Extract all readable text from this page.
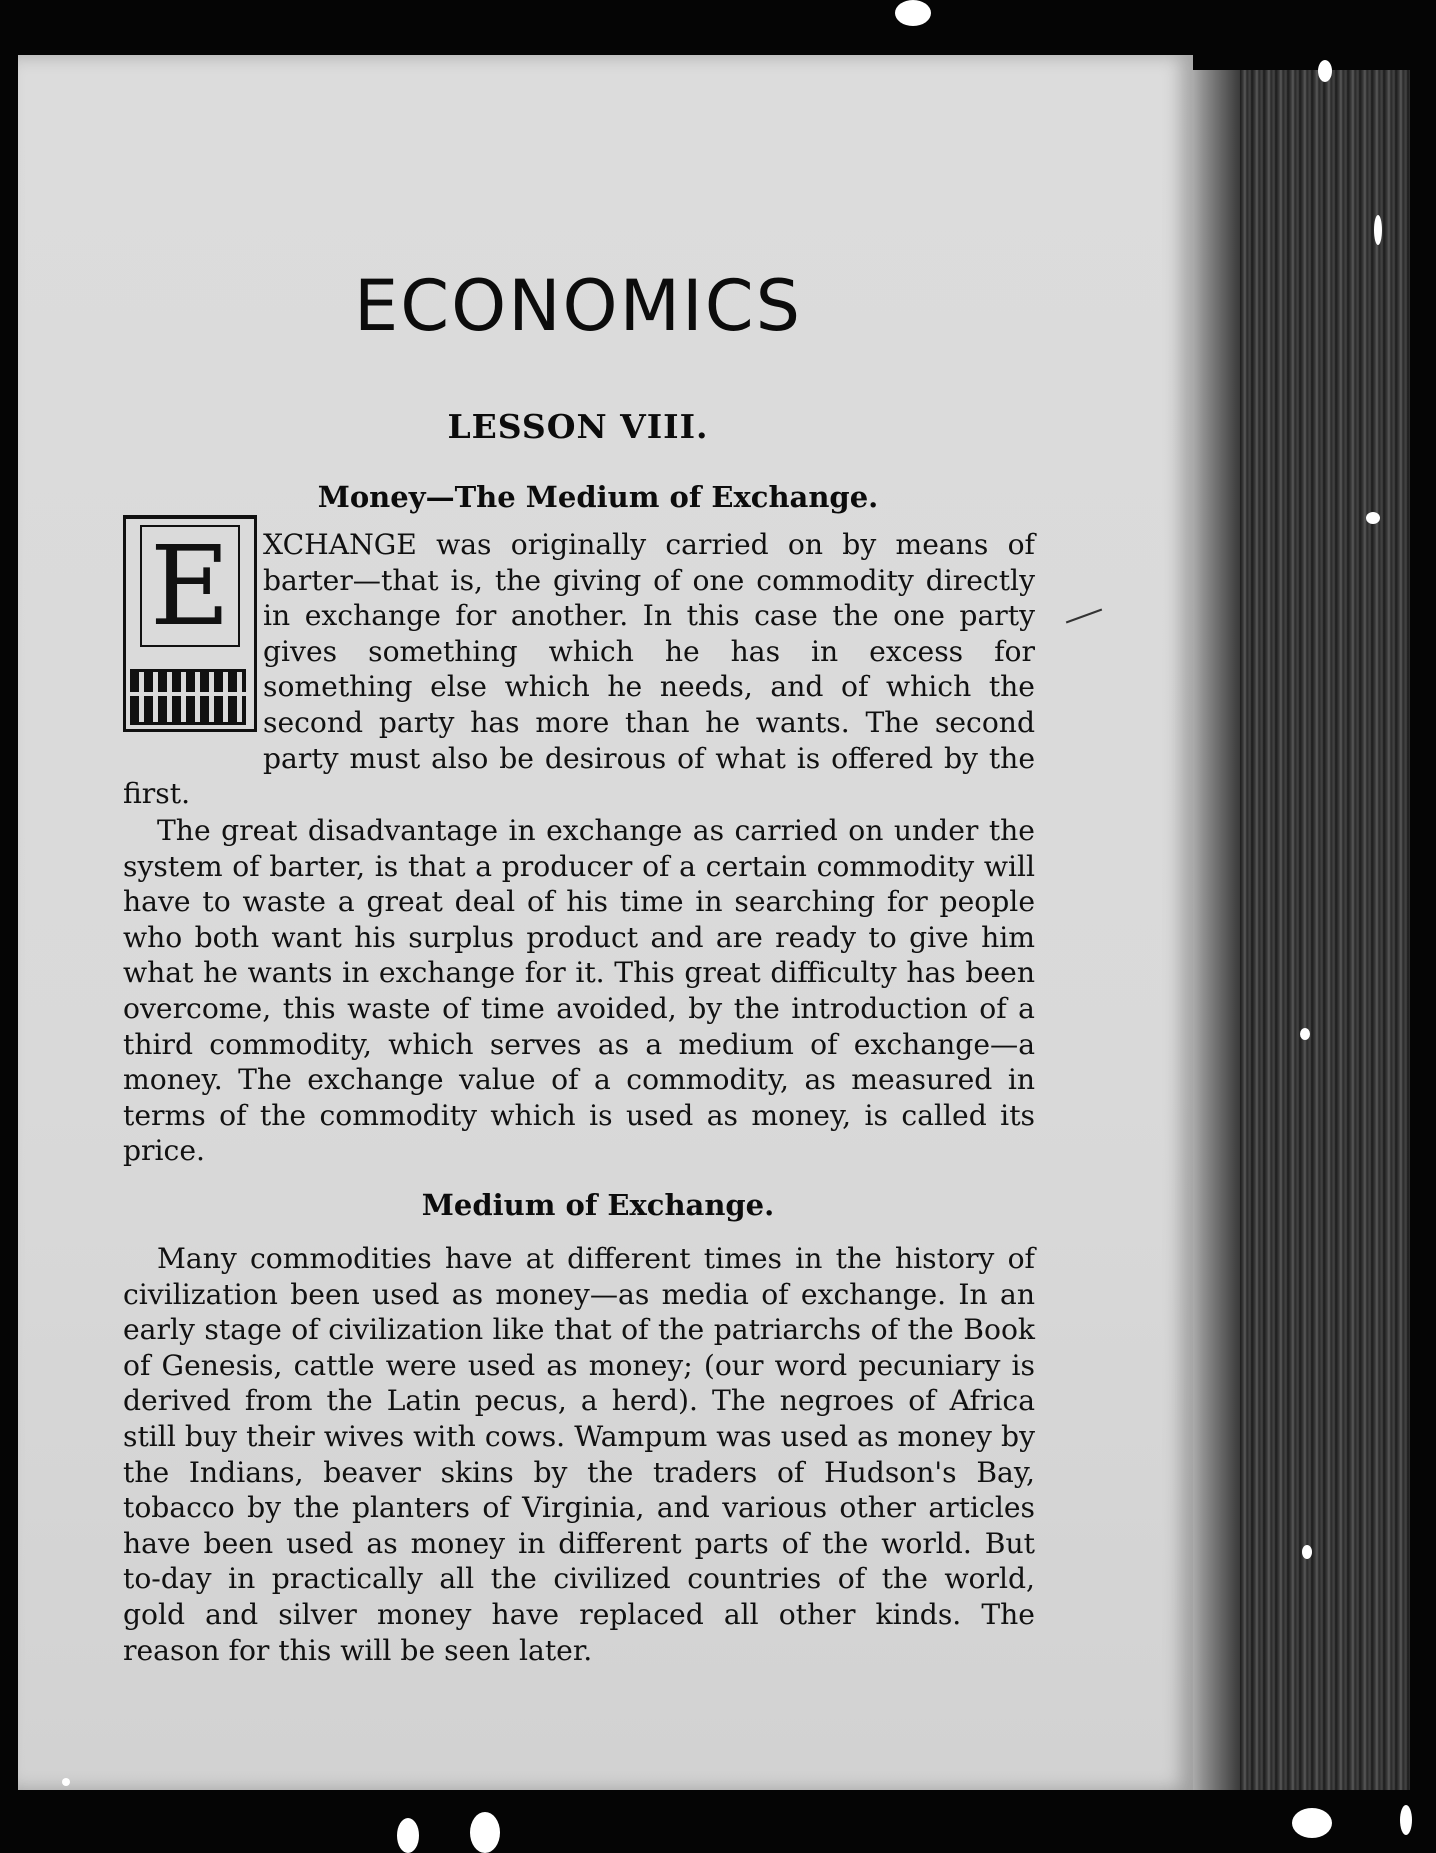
ECONOMICS
LESSON VIII.
Money—The Medium of Exchange.
E	XCHANGE was originally carried on by means of barter—that is, the giving of one commodity directly in exchange for another. In this case the one party gives something which he has in excess for something else which he needs, and of which the second party has more than he wants. The second party must also be desirous of what is offered by the first.

The great disadvantage in exchange as carried on under the system of barter, is that a producer of a certain commodity will have to waste a great deal of his time in searching for people who both want his surplus product and are ready to give him what he wants in exchange for it. This great difficulty has been overcome, this waste of time avoided, by the introduction of a third commodity, which serves as a medium of exchange—a money. The exchange value of a commodity, as measured in terms of the commodity which is used as money, is called its price.

Medium of Exchange.

Many commodities have at different times in the history of civilization been used as money—as media of exchange. In an early stage of civilization like that of the patriarchs of the Book of Genesis, cattle were used as money; (our word pecuniary is derived from the Latin pecus, a herd). The negroes of Africa still buy their wives with cows. Wampum was used as money by the Indians, beaver skins by the traders of Hudson's Bay, tobacco by the planters of Virginia, and various other articles have been used as money in different parts of the world. But to-day in practically all the civilized countries of the world, gold and silver money have replaced all other kinds. The reason for this will be seen later.
